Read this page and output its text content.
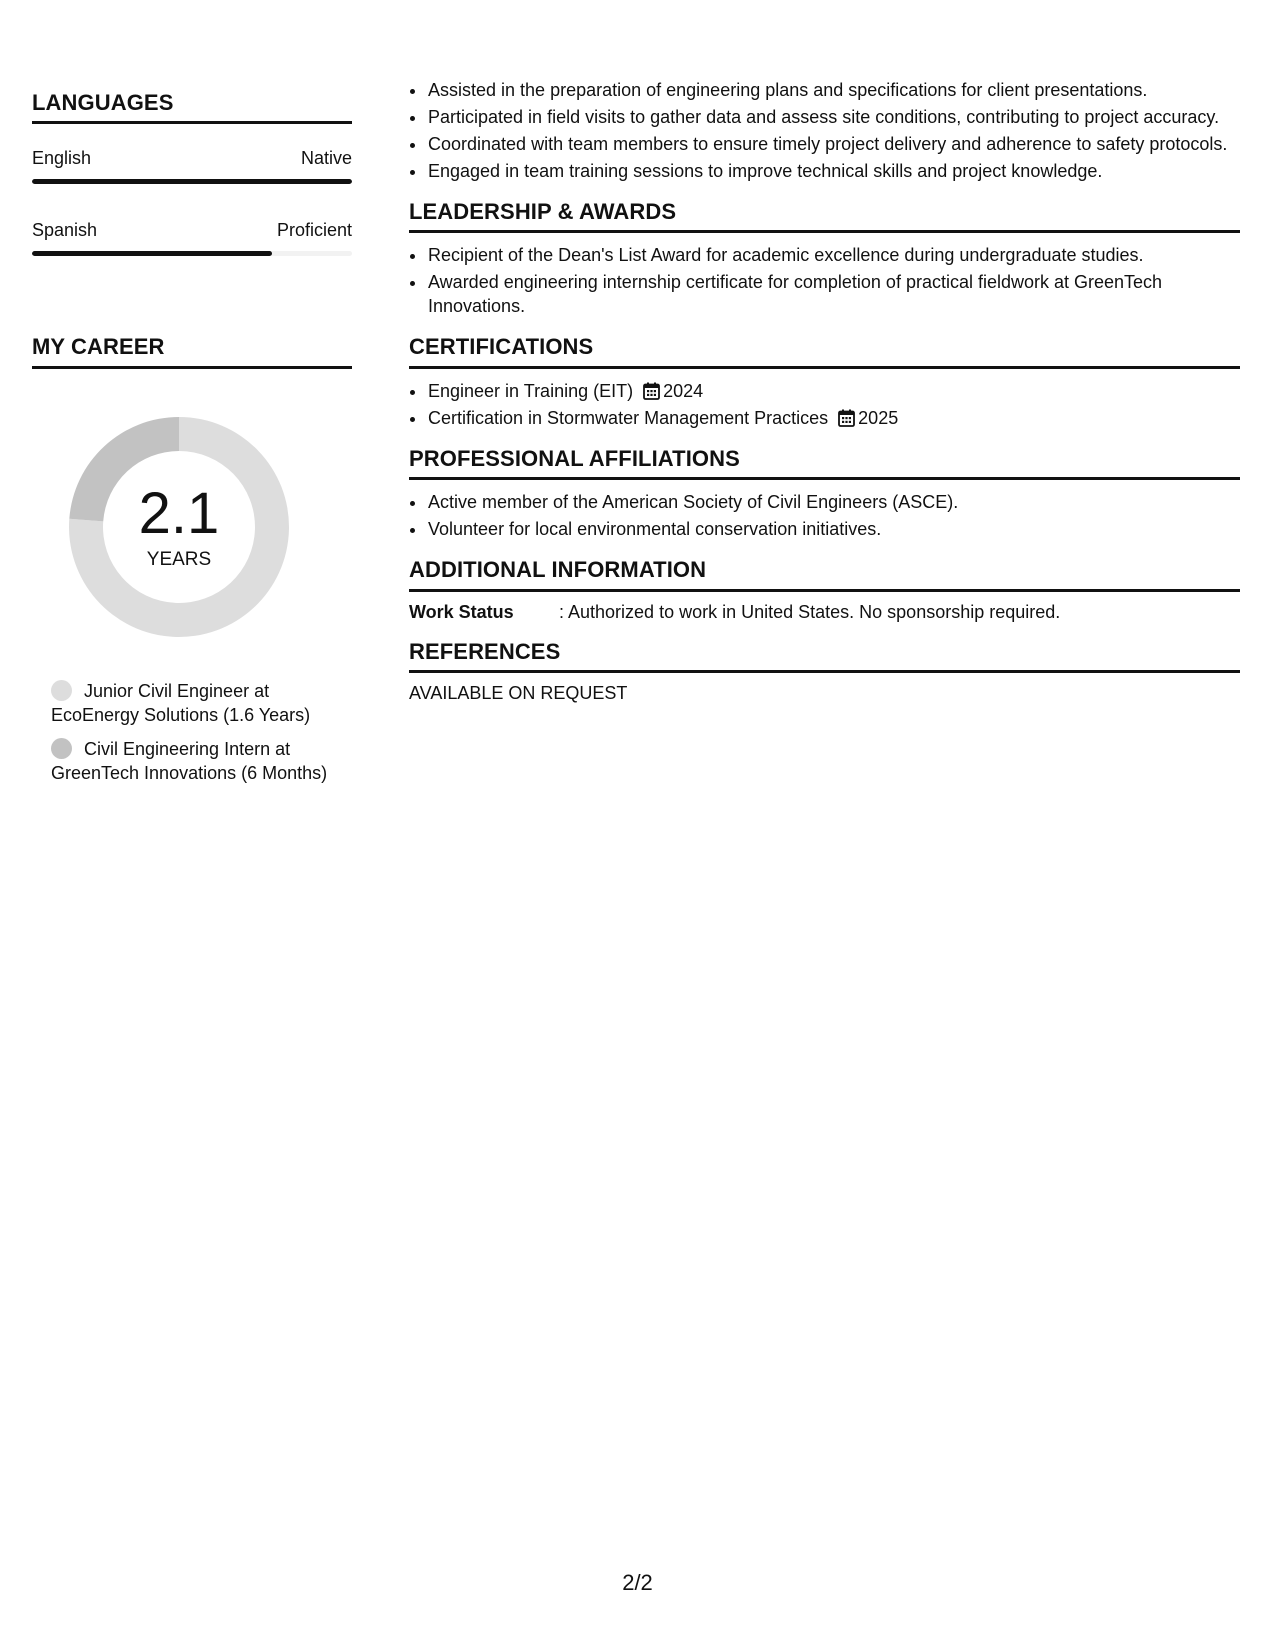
LANGUAGES
English	Native
Spanish	Proficient
MY CAREER
2.1
YEARS
Junior Civil Engineer at EcoEnergy Solutions (1.6 Years)
Civil Engineering Intern at GreenTech Innovations (6 Months)
• Assisted in the preparation of engineering plans and specifications for client presentations.
• Participated in field visits to gather data and assess site conditions, contributing to project accuracy.
• Coordinated with team members to ensure timely project delivery and adherence to safety protocols.
• Engaged in team training sessions to improve technical skills and project knowledge.
LEADERSHIP & AWARDS
• Recipient of the Dean's List Award for academic excellence during undergraduate studies.
• Awarded engineering internship certificate for completion of practical fieldwork at GreenTech Innovations.
CERTIFICATIONS
• Engineer in Training (EIT) 2024
• Certification in Stormwater Management Practices 2025
PROFESSIONAL AFFILIATIONS
• Active member of the American Society of Civil Engineers (ASCE).
• Volunteer for local environmental conservation initiatives.
ADDITIONAL INFORMATION
Work Status	: Authorized to work in United States. No sponsorship required.
REFERENCES
AVAILABLE ON REQUEST
2/2
